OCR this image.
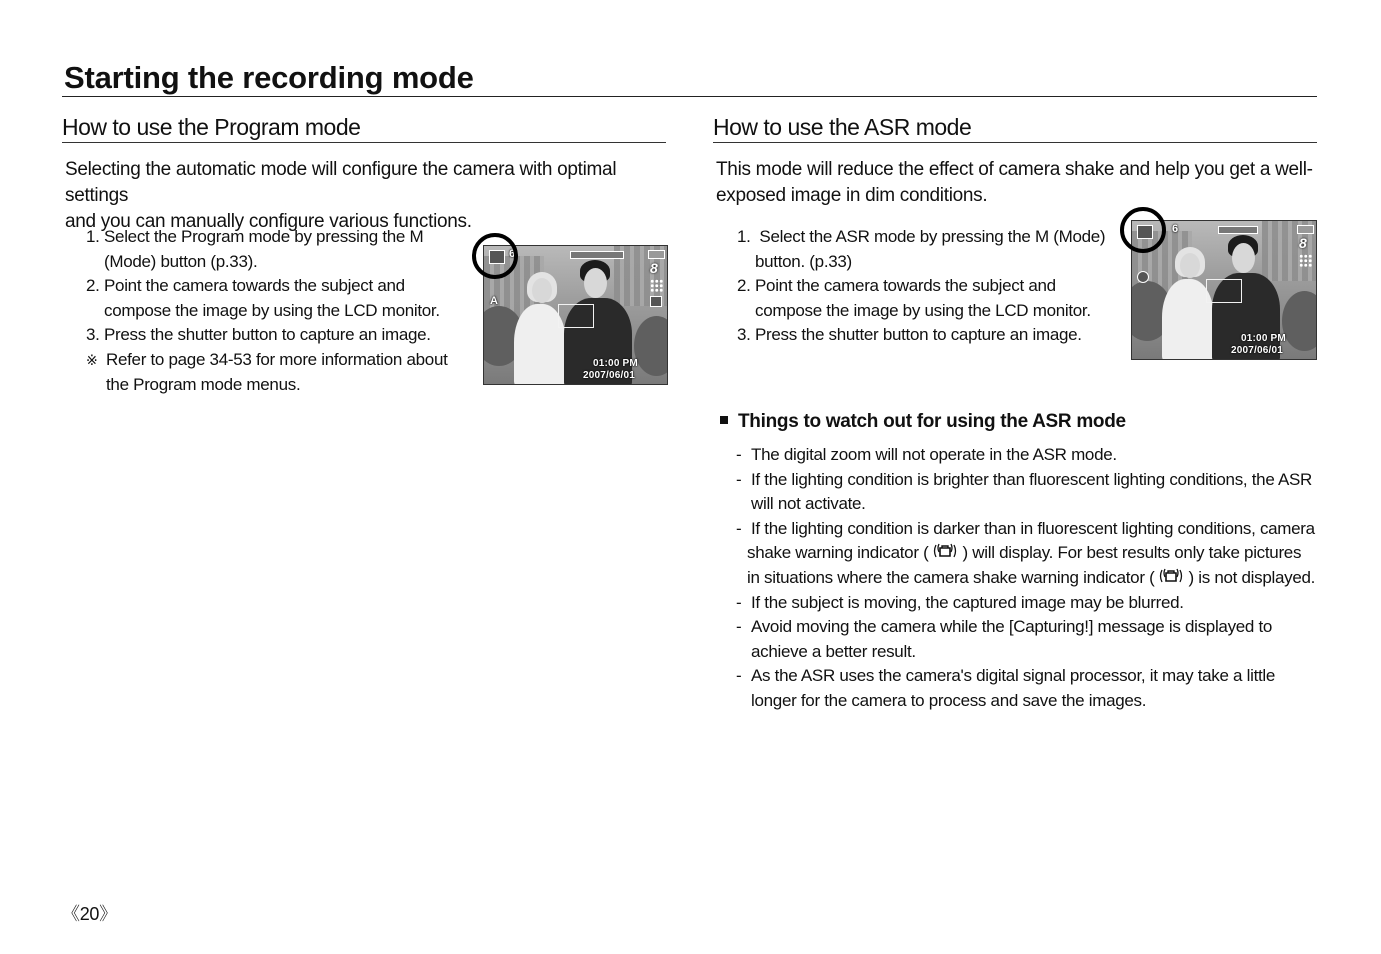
Starting the recording mode
How to use the Program mode

Selecting the automatic mode will configure the camera with optimal settings

and you can manually configure various functions.

1. Select the Program mode by pressing the M
(Mode) button (p.33).
2. Point the camera towards the subject and
compose the image by using the LCD monitor.
3. Press the shutter button to capture an image.
※ Refer to page 34-53 for more information about
the Program mode menus.
6
8
A
01:00 PM
2007/06/01
How to use the ASR mode

This mode will reduce the effect of camera shake and help you get a well-

exposed image in dim conditions.

1. Select the ASR mode by pressing the M (Mode)
button. (p.33)
2. Point the camera towards the subject and
compose the image by using the LCD monitor.
3. Press the shutter button to capture an image.
6
8
01:00 PM
2007/06/01
Things to watch out for using the ASR mode
- The digital zoom will not operate in the ASR mode.
- If the lighting condition is brighter than fluorescent lighting conditions, the ASR
will not activate.
- If the lighting condition is darker than in fluorescent lighting conditions, camera
shake warning indicator ( ) will display. For best results only take pictures
in situations where the camera shake warning indicator ( ) is not displayed.
- If the subject is moving, the captured image may be blurred.
- Avoid moving the camera while the [Capturing!] message is displayed to
achieve a better result.
- As the ASR uses the camera's digital signal processor, it may take a little
longer for the camera to process and save the images.
《20》
